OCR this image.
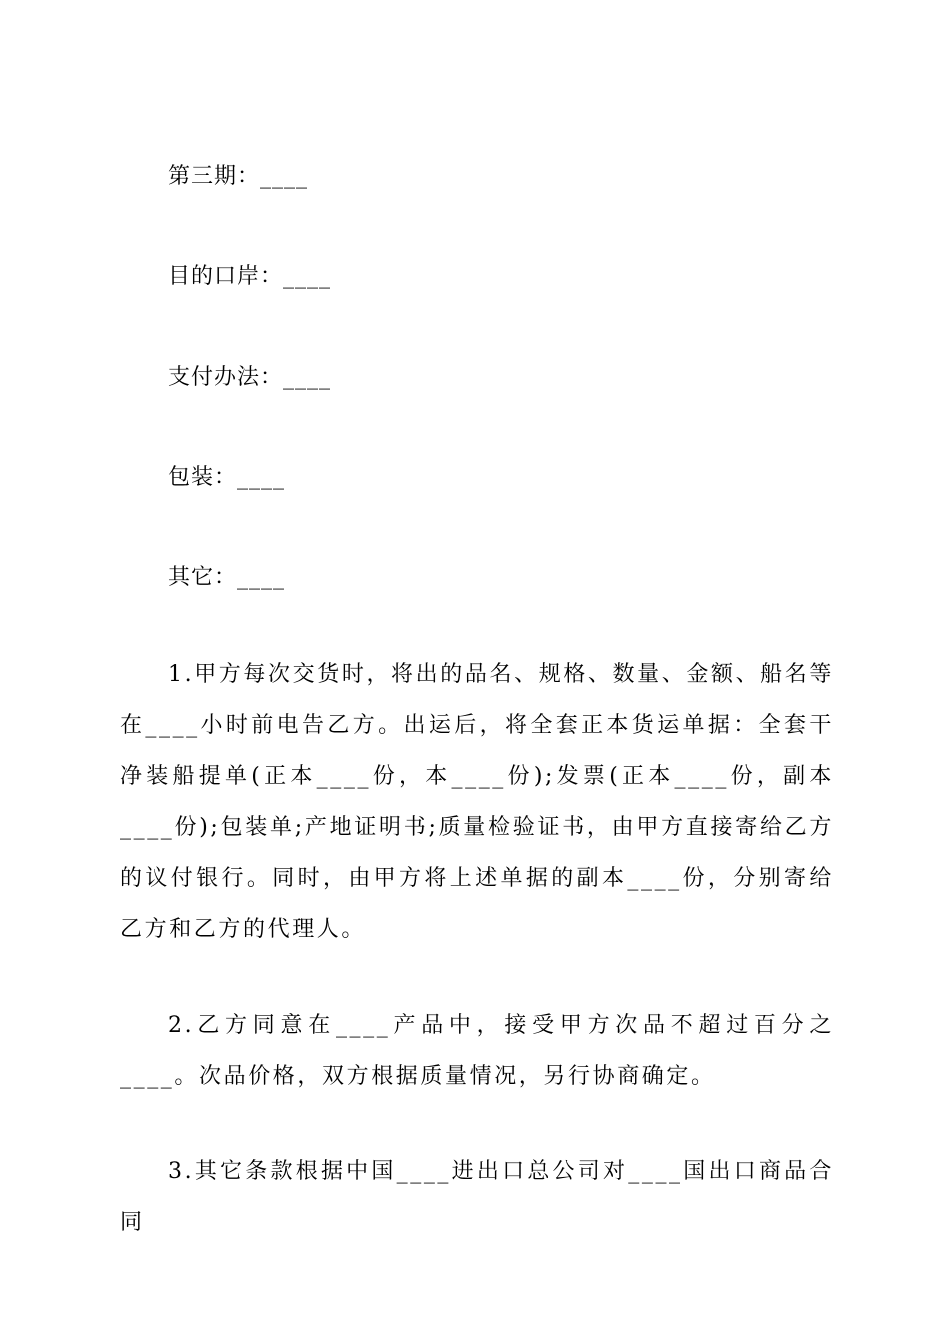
第三期：____
目的口岸：____
支付办法：____
包装：____
其它：____

1.甲方每次交货时，将出的品名、规格、数量、金额、船名等在____小时前电告乙方。出运后，将全套正本货运单据：全套干净装船提单(正本____份，本____份);发票(正本____份，副本____份);包装单;产地证明书;质量检验证书，由甲方直接寄给乙方的议付银行。同时，由甲方将上述单据的副本____份，分别寄给乙方和乙方的代理人。

2.乙方同意在____产品中，接受甲方次品不超过百分之____。次品价格，双方根据质量情况，另行协商确定。

3.其它条款根据中国____进出口总公司对____国出口商品合同
